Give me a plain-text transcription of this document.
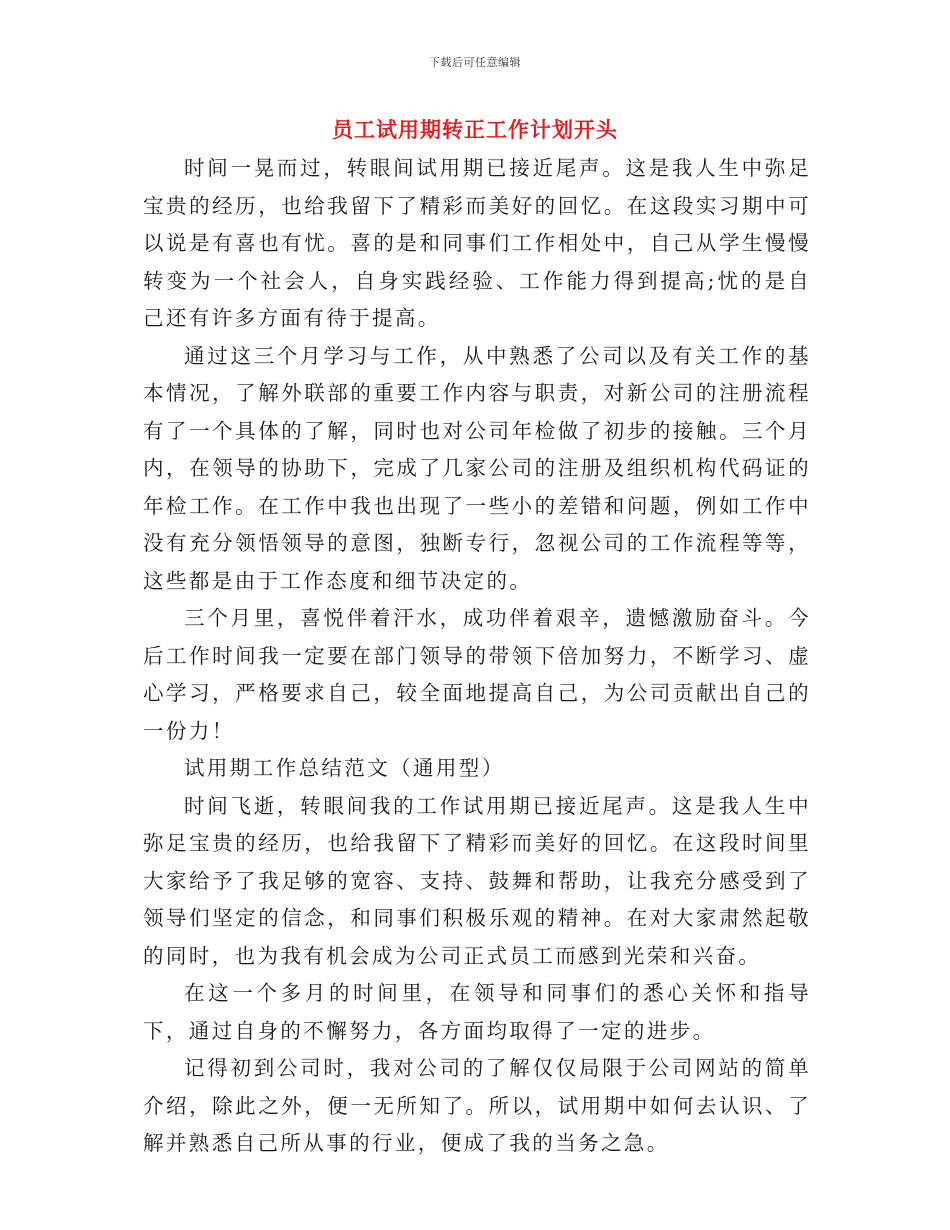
下载后可任意编辑
员工试用期转正工作计划开头

时间一晃而过，转眼间试用期已接近尾声。这是我人生中弥足宝贵的经历，也给我留下了精彩而美好的回忆。在这段实习期中可以说是有喜也有忧。喜的是和同事们工作相处中，自己从学生慢慢转变为一个社会人，自身实践经验、工作能力得到提高;忧的是自己还有许多方面有待于提高。

通过这三个月学习与工作，从中熟悉了公司以及有关工作的基本情况，了解外联部的重要工作内容与职责，对新公司的注册流程有了一个具体的了解，同时也对公司年检做了初步的接触。三个月内，在领导的协助下，完成了几家公司的注册及组织机构代码证的年检工作。在工作中我也出现了一些小的差错和问题，例如工作中没有充分领悟领导的意图，独断专行，忽视公司的工作流程等等，这些都是由于工作态度和细节决定的。

三个月里，喜悦伴着汗水，成功伴着艰辛，遗憾激励奋斗。今后工作时间我一定要在部门领导的带领下倍加努力，不断学习、虚心学习，严格要求自己，较全面地提高自己，为公司贡献出自己的一份力！

试用期工作总结范文（通用型）

时间飞逝，转眼间我的工作试用期已接近尾声。这是我人生中弥足宝贵的经历，也给我留下了精彩而美好的回忆。在这段时间里大家给予了我足够的宽容、支持、鼓舞和帮助，让我充分感受到了领导们坚定的信念，和同事们积极乐观的精神。在对大家肃然起敬的同时，也为我有机会成为公司正式员工而感到光荣和兴奋。

在这一个多月的时间里，在领导和同事们的悉心关怀和指导下，通过自身的不懈努力，各方面均取得了一定的进步。

记得初到公司时，我对公司的了解仅仅局限于公司网站的简单介绍，除此之外，便一无所知了。所以，试用期中如何去认识、了解并熟悉自己所从事的行业，便成了我的当务之急。
